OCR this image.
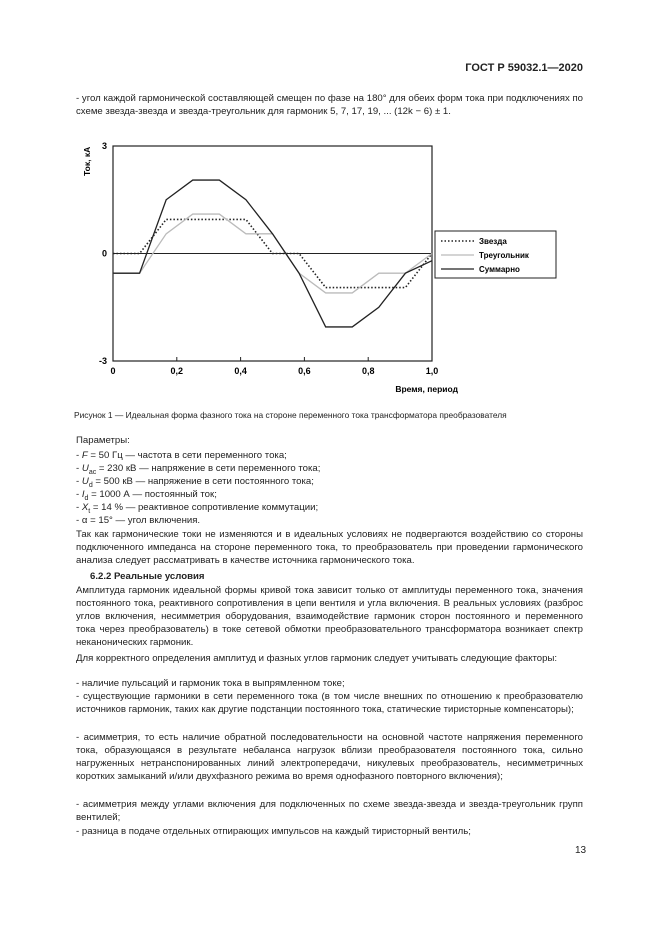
ГОСТ Р 59032.1—2020
- угол каждой гармонической составляющей смещен по фазе на 180° для обеих форм тока при подключениях по схеме звезда-звезда и звезда-треугольник для гармоник 5, 7, 17, 19, ... (12k − 6) ± 1.
0	0,2	0,4	0,6	0,8	1,0
3
0
-3
Время, период
Ток, кА
Звезда
Треугольник
Суммарно
Рисунок 1 — Идеальная форма фазного тока на стороне переменного тока трансформатора преобразователя
Параметры:
- F = 50 Гц — частота в сети переменного тока;
- $U_{ac} = 230$ кВ — напряжение в сети переменного тока;
- $U_d = 500$ кВ — напряжение в сети постоянного тока;
- $I_d = 1000$ А — постоянный ток;
- $X_t = 14$ % — реактивное сопротивление коммутации;
- α = 15° — угол включения.
Так как гармонические токи не изменяются и в идеальных условиях не подвергаются воздействию со стороны подключенного импеданса на стороне переменного тока, то преобразователь при проведении гармонического анализа следует рассматривать в качестве источника гармонического тока.
6.2.2 Реальные условия
Амплитуда гармоник идеальной формы кривой тока зависит только от амплитуды переменного тока, значения постоянного тока, реактивного сопротивления в цепи вентиля и угла включения. В реальных условиях (разброс углов включения, несимметрия оборудования, взаимодействие гармоник сторон постоянного и переменного тока через преобразователь) в токе сетевой обмотки преобразовательного трансформатора возникает спектр неканонических гармоник.
Для корректного определения амплитуд и фазных углов гармоник следует учитывать следующие факторы:
- наличие пульсаций и гармоник тока в выпрямленном токе;
- существующие гармоники в сети переменного тока (в том числе внешних по отношению к преобразователю источников гармоник, таких как другие подстанции постоянного тока, статические тиристорные компенсаторы);
- асимметрия, то есть наличие обратной последовательности на основной частоте напряжения переменного тока, образующаяся в результате небаланса нагрузок вблизи преобразователя постоянного тока, сильно нагруженных нетранспонированных линий электропередачи, никулевых преобразователь, несимметричных коротких замыканий и/или двухфазного режима во время однофазного повторного включения);
- асимметрия между углами включения для подключенных по схеме звезда-звезда и звезда-треугольник групп вентилей;
- разница в подаче отдельных отпирающих импульсов на каждый тиристорный вентиль;
13
